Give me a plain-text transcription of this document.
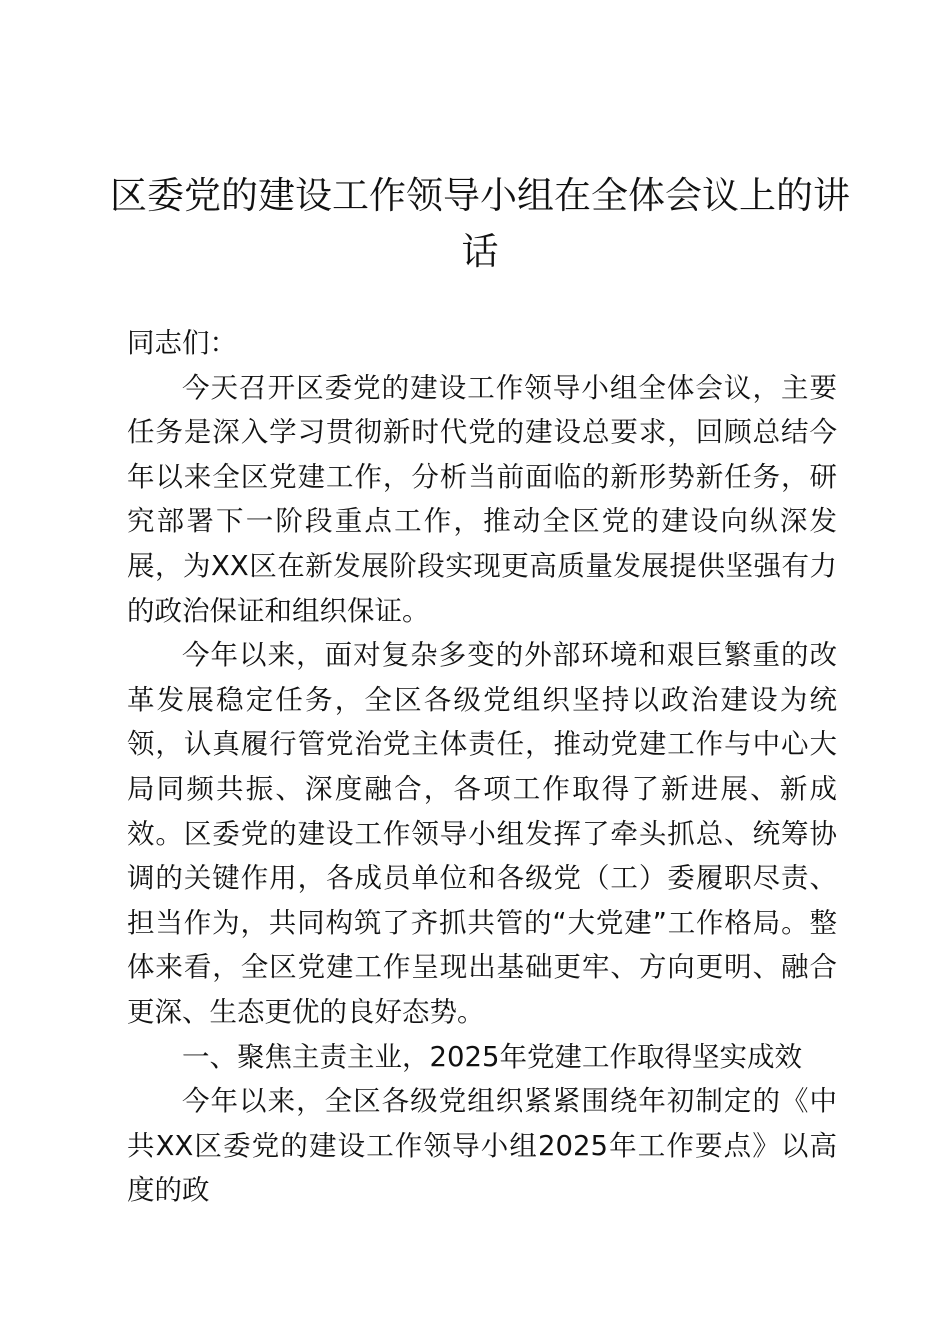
区委党的建设工作领导小组在全体会议上的讲话

同志们：

今天召开区委党的建设工作领导小组全体会议，主要任务是深入学习贯彻新时代党的建设总要求，回顾总结今年以来全区党建工作，分析当前面临的新形势新任务，研究部署下一阶段重点工作，推动全区党的建设向纵深发展，为XX区在新发展阶段实现更高质量发展提供坚强有力的政治保证和组织保证。

今年以来，面对复杂多变的外部环境和艰巨繁重的改革发展稳定任务，全区各级党组织坚持以政治建设为统领，认真履行管党治党主体责任，推动党建工作与中心大局同频共振、深度融合，各项工作取得了新进展、新成效。区委党的建设工作领导小组发挥了牵头抓总、统筹协调的关键作用，各成员单位和各级党（工）委履职尽责、担当作为，共同构筑了齐抓共管的“大党建”工作格局。整体来看，全区党建工作呈现出基础更牢、方向更明、融合更深、生态更优的良好态势。

一、聚焦主责主业，2025年党建工作取得坚实成效

今年以来，全区各级党组织紧紧围绕年初制定的《中共XX区委党的建设工作领导小组2025年工作要点》以高度的政
